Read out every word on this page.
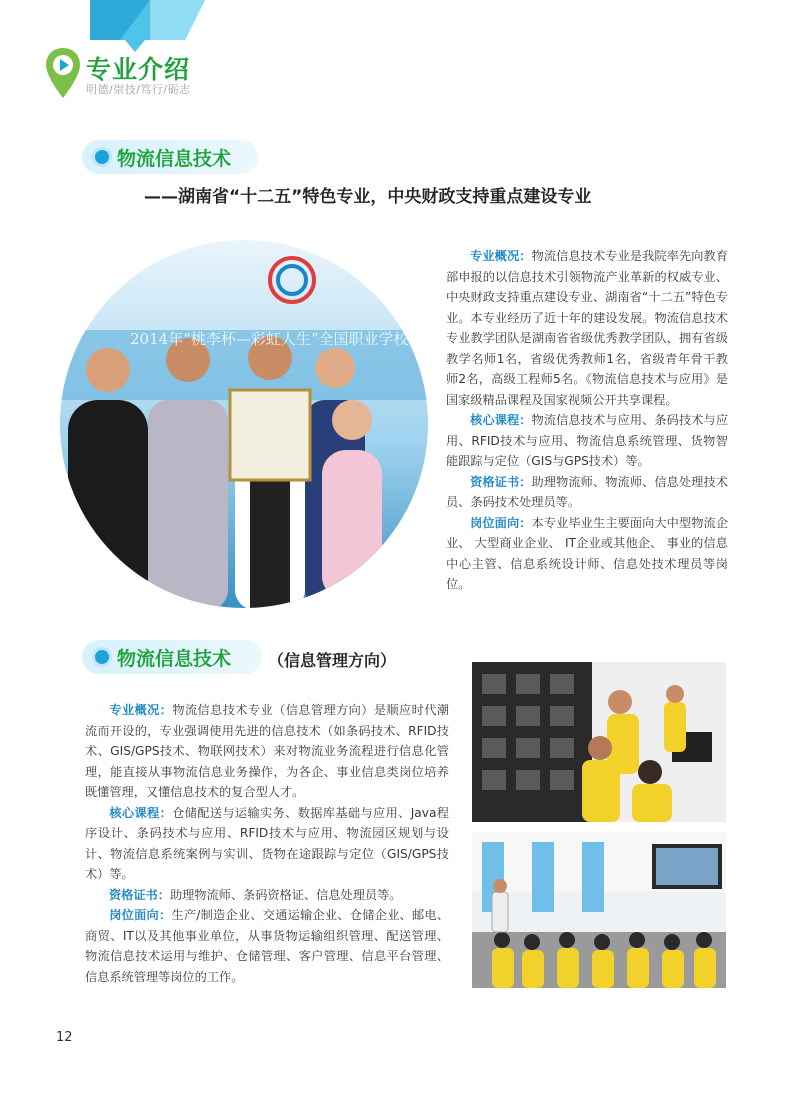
专业介绍
明德/崇技/笃行/砺志
物流信息技术
——湖南省“十二五”特色专业，中央财政支持重点建设专业
2014年“桃李杯—彩虹人生”全国职业学校创新创效创业
专业概况：物流信息技术专业是我院率先向教育部申报的以信息技术引领物流产业革新的权威专业、中央财政支持重点建设专业、湖南省“十二五”特色专业。本专业经历了近十年的建设发展。物流信息技术专业教学团队是湖南省省级优秀教学团队，拥有省级教学名师1名，省级优秀教师1名，省级青年骨干教师2名，高级工程师5名。《物流信息技术与应用》是国家级精品课程及国家视频公开共享课程。
核心课程：物流信息技术与应用、条码技术与应用、RFID技术与应用、物流信息系统管理、货物智能跟踪与定位（GIS与GPS技术）等。
资格证书：助理物流师、物流师、信息处理技术员、条码技术处理员等。
岗位面向：本专业毕业生主要面向大中型物流企业、 大型商业企业、 IT企业或其他企、 事业的信息中心主管、信息系统设计师、信息处技术理员等岗位。
物流信息技术 （信息管理方向）
专业概况：物流信息技术专业（信息管理方向）是顺应时代潮流而开设的，专业强调使用先进的信息技术（如条码技术、RFID技术、GIS/GPS技术、物联网技术）来对物流业务流程进行信息化管理，能直接从事物流信息业务操作，为各企、事业信息类岗位培养既懂管理，又懂信息技术的复合型人才。
核心课程：仓储配送与运输实务、数据库基础与应用、Java程序设计、条码技术与应用、RFID技术与应用、物流园区规划与设计、物流信息系统案例与实训、货物在途跟踪与定位（GIS/GPS技术）等。
资格证书：助理物流师、条码资格证、信息处理员等。
岗位面向：生产/制造企业、交通运输企业、仓储企业、邮电、商贸、IT以及其他事业单位，从事货物运输组织管理、配送管理、物流信息技术运用与维护、仓储管理、客户管理、信息平台管理、信息系统管理等岗位的工作。
12
